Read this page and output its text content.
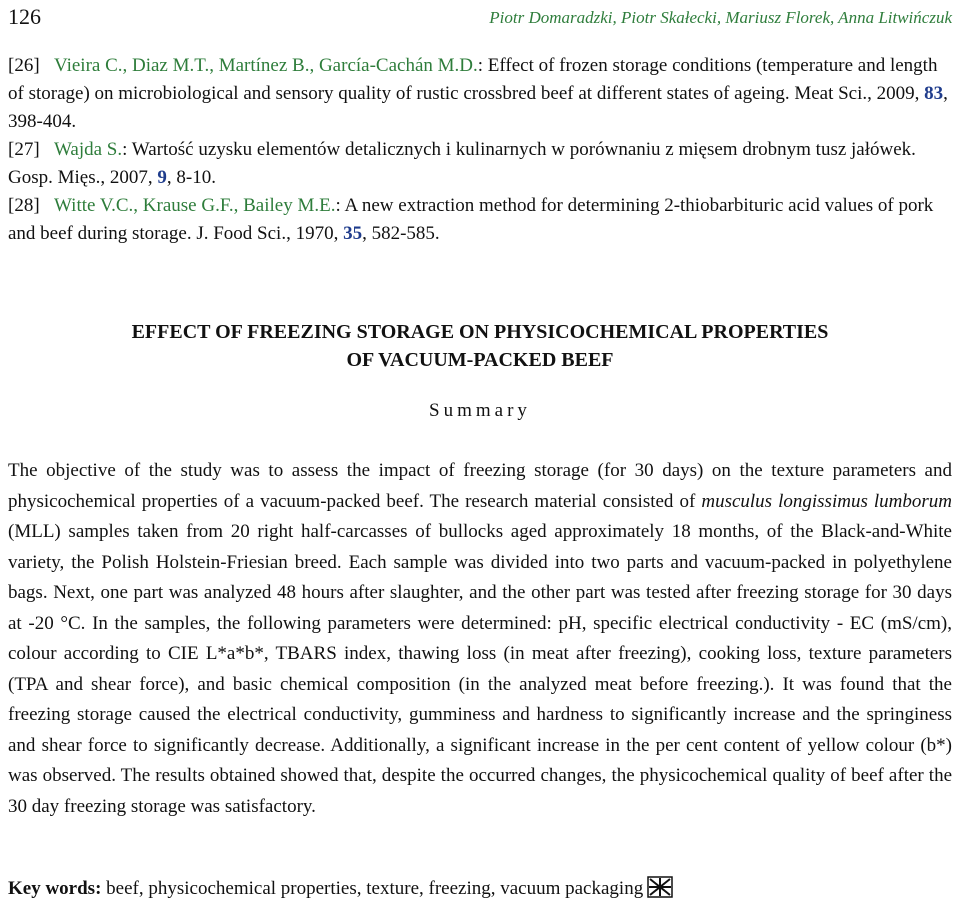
126	Piotr Domaradzki, Piotr Skałecki, Mariusz Florek, Anna Litwińczuk
[26] Vieira C., Diaz M.T., Martínez B., García-Cachán M.D.: Effect of frozen storage conditions (temperature and length of storage) on microbiological and sensory quality of rustic crossbred beef at different states of ageing. Meat Sci., 2009, 83, 398-404.
[27] Wajda S.: Wartość uzysku elementów detalicznych i kulinarnych w porównaniu z mięsem drobnym tusz jałówek. Gosp. Mięs., 2007, 9, 8-10.
[28] Witte V.C., Krause G.F., Bailey M.E.: A new extraction method for determining 2-thiobarbituric acid values of pork and beef during storage. J. Food Sci., 1970, 35, 582-585.
EFFECT OF FREEZING STORAGE ON PHYSICOCHEMICAL PROPERTIES
OF VACUUM-PACKED BEEF
Summary
The objective of the study was to assess the impact of freezing storage (for 30 days) on the texture parameters and physicochemical properties of a vacuum-packed beef. The research material consisted of musculus longissimus lumborum (MLL) samples taken from 20 right half-carcasses of bullocks aged approximately 18 months, of the Black-and-White variety, the Polish Holstein-Friesian breed. Each sample was divided into two parts and vacuum-packed in polyethylene bags. Next, one part was analyzed 48 hours after slaughter, and the other part was tested after freezing storage for 30 days at -20 °C. In the samples, the following parameters were determined: pH, specific electrical conductivity - EC (mS/cm), colour according to CIE L*a*b*, TBARS index, thawing loss (in meat after freezing), cooking loss, texture parameters (TPA and shear force), and basic chemical composition (in the analyzed meat before freezing.). It was found that the freezing storage caused the electrical conductivity, gumminess and hardness to significantly increase and the springiness and shear force to significantly decrease. Additionally, a significant increase in the per cent content of yellow colour (b*) was observed. The results obtained showed that, despite the occurred changes, the physicochemical quality of beef after the 30 day freezing storage was satisfactory.
Key words: beef, physicochemical properties, texture, freezing, vacuum packaging
